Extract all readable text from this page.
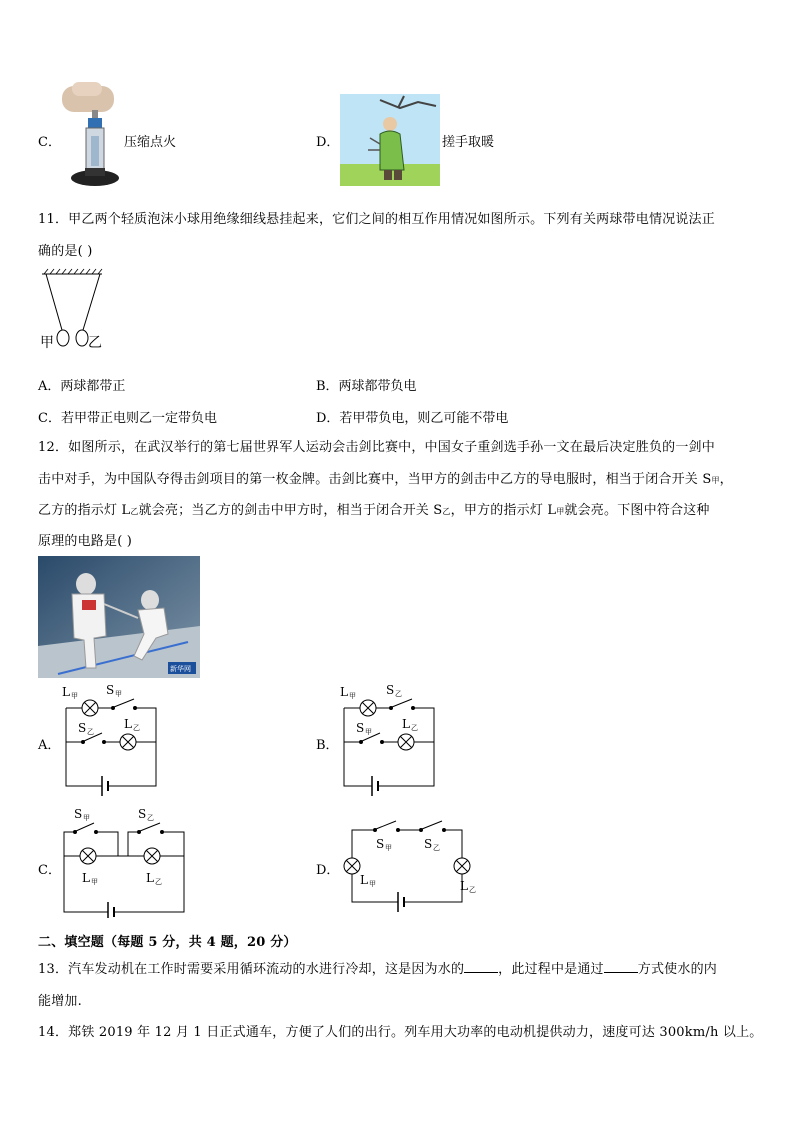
C．	压缩点火	D．	搓手取暖
11．甲乙两个轻质泡沫小球用绝缘细线悬挂起来，它们之间的相互作用情况如图所示。下列有关两球带电情况说法正
确的是( )
甲 乙
A．两球都带正	B．两球都带负电
C．若甲带正电则乙一定带负电	D．若甲带负电，则乙可能不带电
12．如图所示，在武汉举行的第七届世界军人运动会击剑比赛中，中国女子重剑选手孙一文在最后决定胜负的一剑中
击中对手，为中国队夺得击剑项目的第一枚金牌。击剑比赛中，当甲方的剑击中乙方的导电服时，相当于闭合开关 S甲，
乙方的指示灯 L乙就会亮；当乙方的剑击中甲方时，相当于闭合开关 S乙，甲方的指示灯 L甲就会亮。下图中符合这种
原理的电路是( )
新华网
A．
L 甲 S 甲
S 乙
L 乙
B．
L 甲	S 乙
S 甲
L 乙
C．
S 甲	S 乙
L 甲	L 乙
D．
S 甲	S 乙
L 甲	L 乙
二、填空题（每题 5 分，共 4 题，20 分）
13．汽车发动机在工作时需要采用循环流动的水进行冷却，这是因为水的	，此过程中是通过	方式使水的内
能增加.
14．郑铁 2019 年 12 月 1 日正式通车，方便了人们的出行。列车用大功率的电动机提供动力，速度可达 300km/h 以上。
